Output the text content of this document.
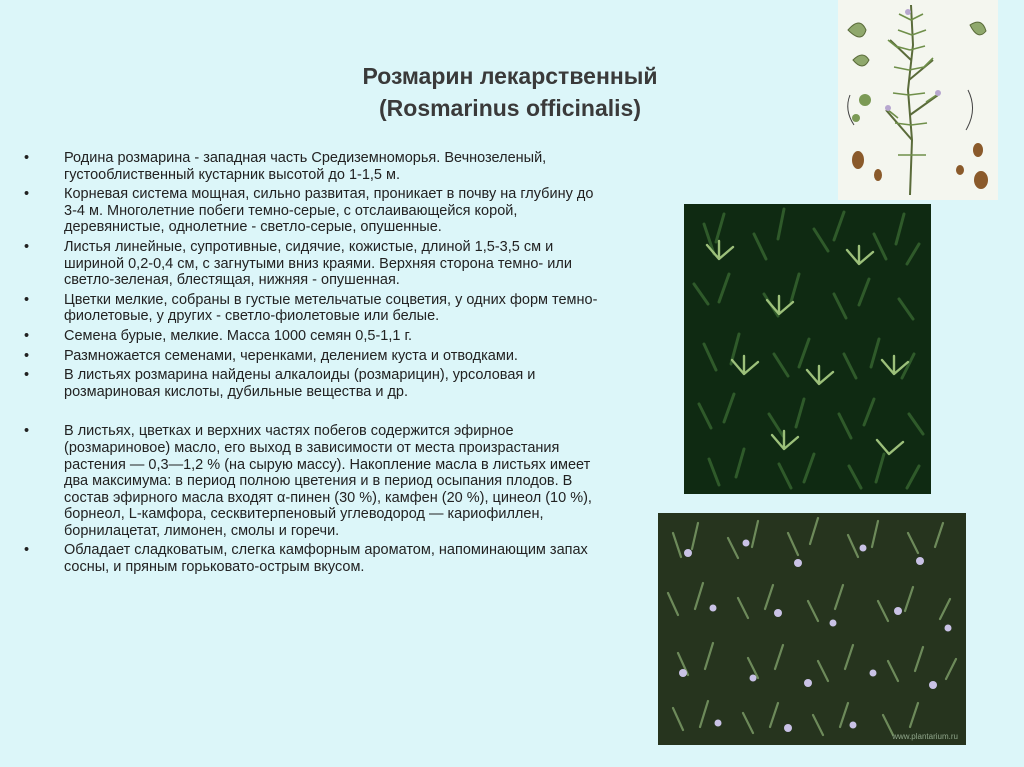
Розмарин лекарственный
(Rosmarinus officinalis)
• Родина розмарина - западная часть Средиземноморья. Вечнозеленый, густооблиственный кустарник высотой до 1-1,5 м.
• Корневая система мощная, сильно развитая, проникает в почву на глубину до 3-4 м. Многолетние побеги темно-серые, с отслаивающейся корой, деревянистые, однолетние - светло-серые, опушенные.
• Листья линейные, супротивные, сидячие, кожистые, длиной 1,5-3,5 см и шириной 0,2-0,4 см, с загнутыми вниз краями. Верхняя сторона темно- или светло-зеленая, блестящая, нижняя - опушенная.
• Цветки мелкие, собраны в густые метельчатые соцветия, у одних форм темно-фиолетовые, у других - светло-фиолетовые или белые.
• Семена бурые, мелкие. Масса 1000 семян 0,5-1,1 г.
• Размножается семенами, черенками, делением куста и отводками.
• В листьях розмарина найдены алкалоиды (розмарицин), урсоловая и розмариновая кислоты, дубильные вещества и др.
• В листьях, цветках и верхних частях побегов содержится эфирное (розмариновое) масло, его выход в зависимости от места произрастания растения — 0,3—1,2 % (на сырую массу). Накопление масла в листьях имеет два максимума: в период полною цветения и в период осыпания плодов. В состав эфирного масла входят α-пинен (30 %), камфен (20 %), цинеол (10 %), борнеол, L-камфора, сесквитерпеновый углеводород — кариофиллен, борнилацетат, лимонен, смолы и горечи.
• Обладает сладковатым, слегка камфорным ароматом, напоминающим запах сосны, и пряным горьковато-острым вкусом.
www.plantarium.ru
